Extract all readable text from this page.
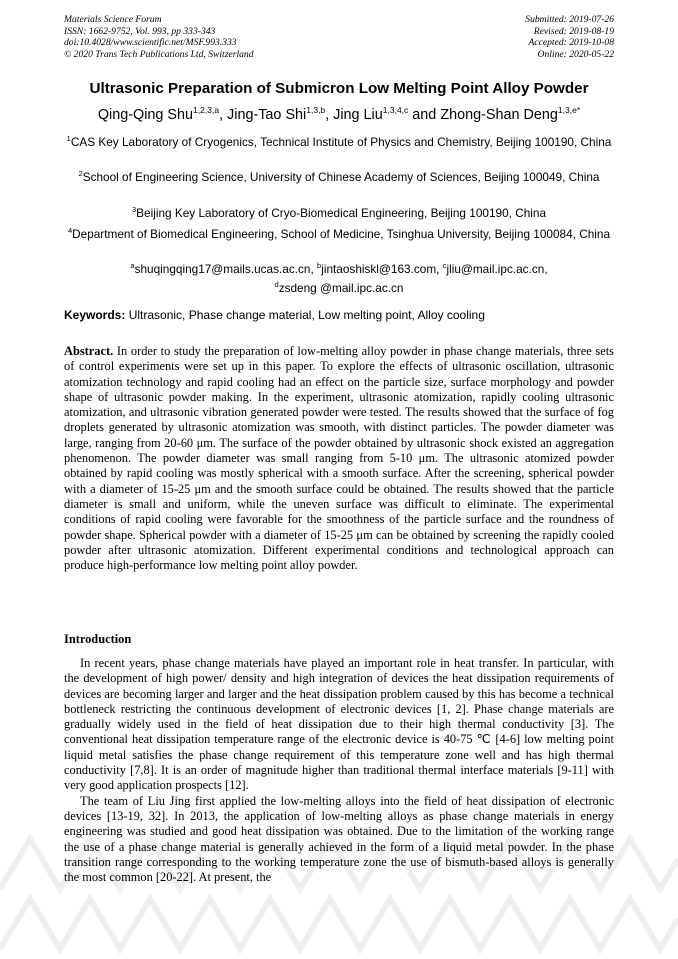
Materials Science Forum
ISSN: 1662-9752, Vol. 993, pp 333-343
doi:10.4028/www.scientific.net/MSF.993.333
© 2020 Trans Tech Publications Ltd, Switzerland
Submitted: 2019-07-26
Revised: 2019-08-19
Accepted: 2019-10-08
Online: 2020-05-22
Ultrasonic Preparation of Submicron Low Melting Point Alloy Powder
Qing-Qing Shu$^{1,2,3,a}$, Jing-Tao Shi$^{1,3,b}$, Jing Liu$^{1,3,4,c}$ and Zhong-Shan Deng$^{1,3,e*}$
$^1$CAS Key Laboratory of Cryogenics, Technical Institute of Physics and Chemistry, Beijing 100190, China
$^2$School of Engineering Science, University of Chinese Academy of Sciences, Beijing 100049, China
$^3$Beijing Key Laboratory of Cryo-Biomedical Engineering, Beijing 100190, China
$^4$Department of Biomedical Engineering, School of Medicine, Tsinghua University, Beijing 100084, China
$^a$shuqingqing17@mails.ucas.ac.cn, $^b$jintaoshiskl@163.com, $^c$jliu@mail.ipc.ac.cn,
$^d$zsdeng @mail.ipc.ac.cn
Keywords: Ultrasonic, Phase change material, Low melting point, Alloy cooling
Abstract. In order to study the preparation of low-melting alloy powder in phase change materials, three sets of control experiments were set up in this paper. To explore the effects of ultrasonic oscillation, ultrasonic atomization technology and rapid cooling had an effect on the particle size, surface morphology and powder shape of ultrasonic powder making. In the experiment, ultrasonic atomization, rapidly cooling ultrasonic atomization, and ultrasonic vibration generated powder were tested. The results showed that the surface of fog droplets generated by ultrasonic atomization was smooth, with distinct particles. The powder diameter was large, ranging from 20-60 μm. The surface of the powder obtained by ultrasonic shock existed an aggregation phenomenon. The powder diameter was small ranging from 5-10 μm. The ultrasonic atomized powder obtained by rapid cooling was mostly spherical with a smooth surface. After the screening, spherical powder with a diameter of 15-25 μm and the smooth surface could be obtained. The results showed that the particle diameter is small and uniform, while the uneven surface was difficult to eliminate. The experimental conditions of rapid cooling were favorable for the smoothness of the particle surface and the roundness of powder shape. Spherical powder with a diameter of 15-25 μm can be obtained by screening the rapidly cooled powder after ultrasonic atomization. Different experimental conditions and technological approach can produce high-performance low melting point alloy powder.
Introduction

In recent years, phase change materials have played an important role in heat transfer. In particular, with the development of high power/ density and high integration of devices the heat dissipation requirements of devices are becoming larger and larger and the heat dissipation problem caused by this has become a technical bottleneck restricting the continuous development of electronic devices [1, 2]. Phase change materials are gradually widely used in the field of heat dissipation due to their high thermal conductivity [3]. The conventional heat dissipation temperature range of the electronic device is 40-75 ℃ [4-6] low melting point liquid metal satisfies the phase change requirement of this temperature zone well and has high thermal conductivity [7,8]. It is an order of magnitude higher than traditional thermal interface materials [9-11] with very good application prospects [12].

The team of Liu Jing first applied the low-melting alloys into the field of heat dissipation of electronic devices [13-19, 32]. In 2013, the application of low-melting alloys as phase change materials in energy engineering was studied and good heat dissipation was obtained. Due to the limitation of the working range the use of a phase change material is generally achieved in the form of a liquid metal powder. In the phase transition range corresponding to the working temperature zone the use of bismuth-based alloys is generally the most common [20-22]. At present, the
